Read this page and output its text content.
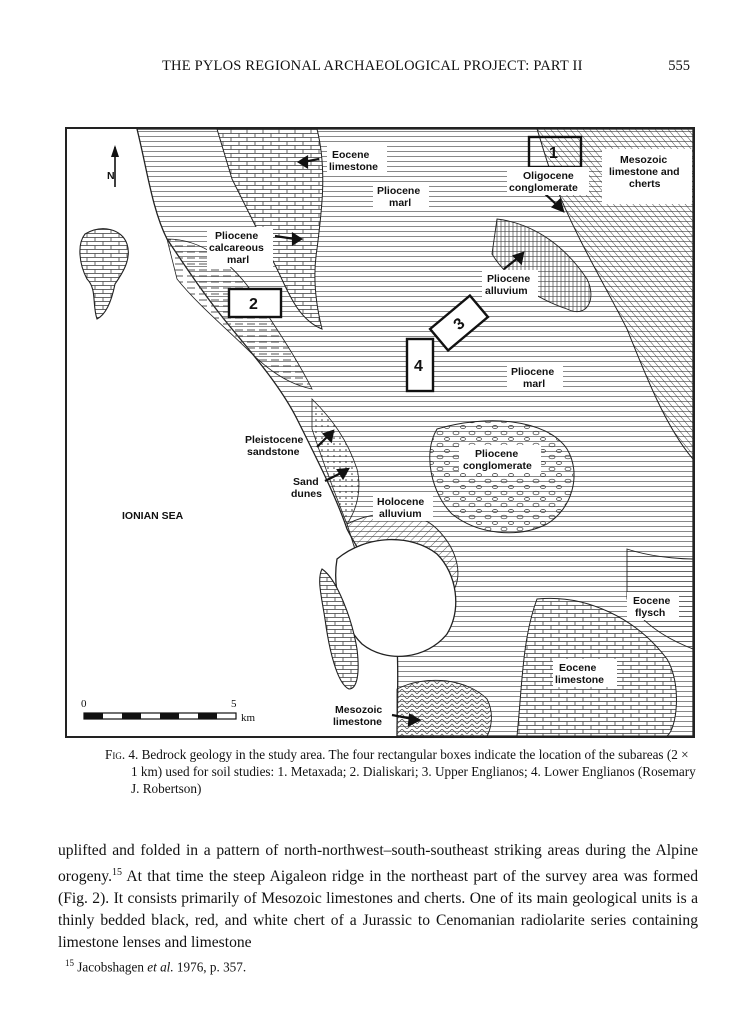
THE PYLOS REGIONAL ARCHAEOLOGICAL PROJECT: PART II	555
N
1
2
3
4
Eocene
limestone
Pliocene
marl
Mesozoic
limestone and
cherts
Oligocene
conglomerate
Pliocene
calcareous
marl
Pliocene
alluvium
Pliocene
marl
Pleistocene
sandstone	Pliocene
conglomerate
Sand
dunes
Holocene
alluvium
IONIAN SEA
Eocene
flysch
Eocene
limestone
Mesozoic
limestone
0	5
km
Fig. 4. Bedrock geology in the study area. The four rectangular boxes indicate the location of the subareas (2 × 1 km) used for soil studies: 1. Metaxada; 2. Dialiskari; 3. Upper Englianos; 4. Lower Englianos (Rosemary J. Robertson)
uplifted and folded in a pattern of north-northwest–south-southeast striking areas during the Alpine orogeny.$^{15}$ At that time the steep Aigaleon ridge in the northeast part of the survey area was formed (Fig. 2). It consists primarily of Mesozoic limestones and cherts. One of its main geological units is a thinly bedded black, red, and white chert of a Jurassic to Cenomanian radiolarite series containing limestone lenses and limestone
$^{15}$ Jacobshagen et al. 1976, p. 357.
